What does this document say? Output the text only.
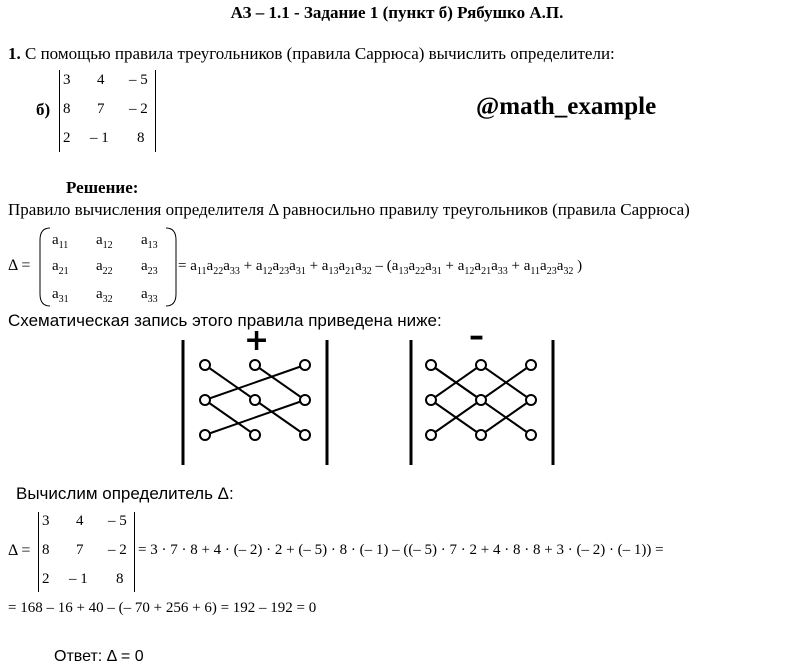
АЗ – 1.1 - Задание 1 (пункт б) Рябушко А.П.
1. С помощью правила треугольников (правила Саррюса) вычислить определители:
б)
3 4 – 5
8 7 – 2
2 – 1 8
@math_example
Решение:
Правило вычисления определителя Δ равносильно правилу треугольников (правила Саррюса)
Δ =
$a_{11}$ $a_{12}$ $a_{13}$
$a_{21}$ $a_{22}$ $a_{23}$
$a_{31}$ $a_{32}$ $a_{33}$
= $a_{11}a_{22}a_{33} + a_{12}a_{23}a_{31} + a_{13}a_{21}a_{32} - (a_{13}a_{22}a_{31} + a_{12}a_{21}a_{33} + a_{11}a_{23}a_{32}$ )
Схематическая запись этого правила приведена ниже:
+	–
Вычислим определитель Δ:
Δ =
3 4 – 5
8 7 – 2
2 – 1 8
= 3 · 7 · 8 + 4 · (– 2) · 2 + (– 5) · 8 · (– 1) – ((– 5) · 7 · 2 + 4 · 8 · 8 + 3 · (– 2) · (– 1)) =
= 168 – 16 + 40 – (– 70 + 256 + 6) = 192 – 192 = 0
Ответ: Δ = 0
